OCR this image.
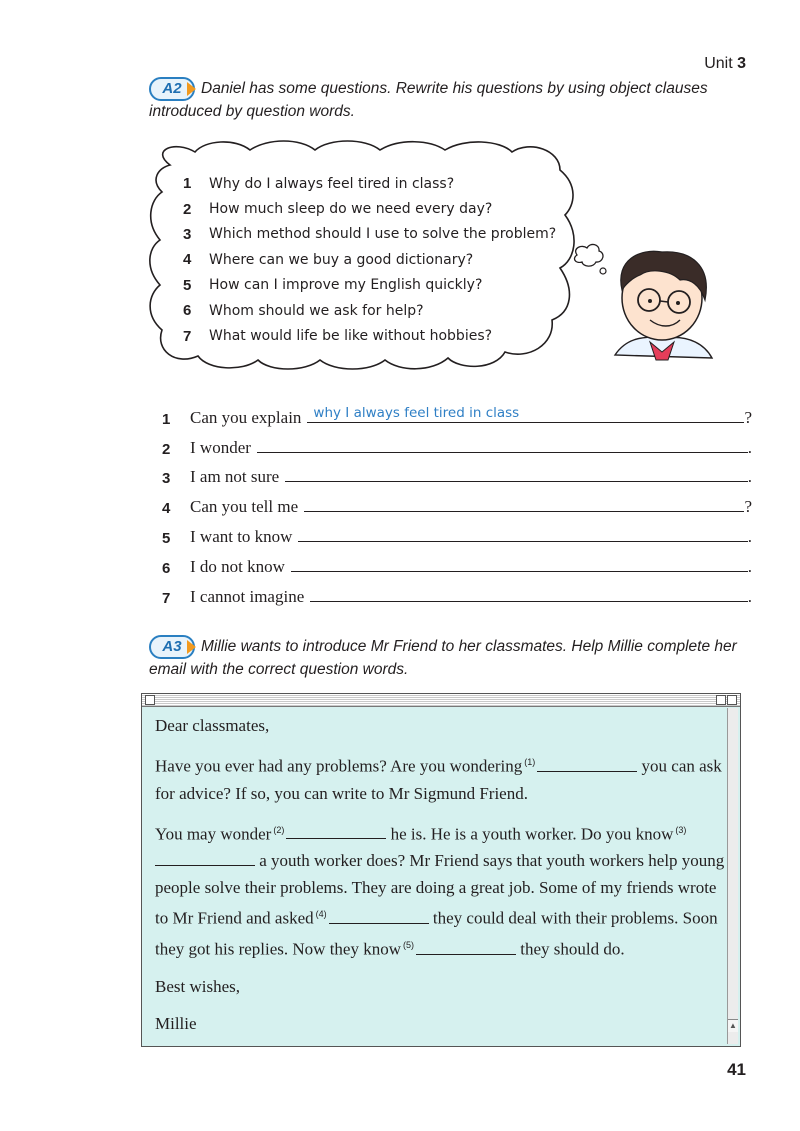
Unit 3
A2 Daniel has some questions. Rewrite his questions by using object clauses introduced by question words.
1	Why do I always feel tired in class?
2	How much sleep do we need every day?
3	Which method should I use to solve the problem?
4	Where can we buy a good dictionary?
5	How can I improve my English quickly?
6	Whom should we ask for help?
7	What would life be like without hobbies?
1	Can you explain why I always feel tired in class	?
2	I wonder	.
3	I am not sure	.
4	Can you tell me	?
5	I want to know	.
6	I do not know	.
7	I cannot imagine	.
A3 Millie wants to introduce Mr Friend to her classmates. Help Millie complete her email with the correct question words.
▲

Dear classmates,

Have you ever had any problems? Are you wondering $^{(1)}$	you can ask for advice? If so, you can write to Mr Sigmund Friend.

You may wonder $^{(2)}$	he is. He is a youth worker. Do you know $^{(3)}$ a youth worker does? Mr Friend says that youth workers help young people solve their problems. They are doing a great job. Some of my friends wrote to Mr Friend and asked $^{(4)}$	they could deal with their problems. Soon they got his replies. Now they know $^{(5)}$	they should do.

Best wishes,

Millie

41
